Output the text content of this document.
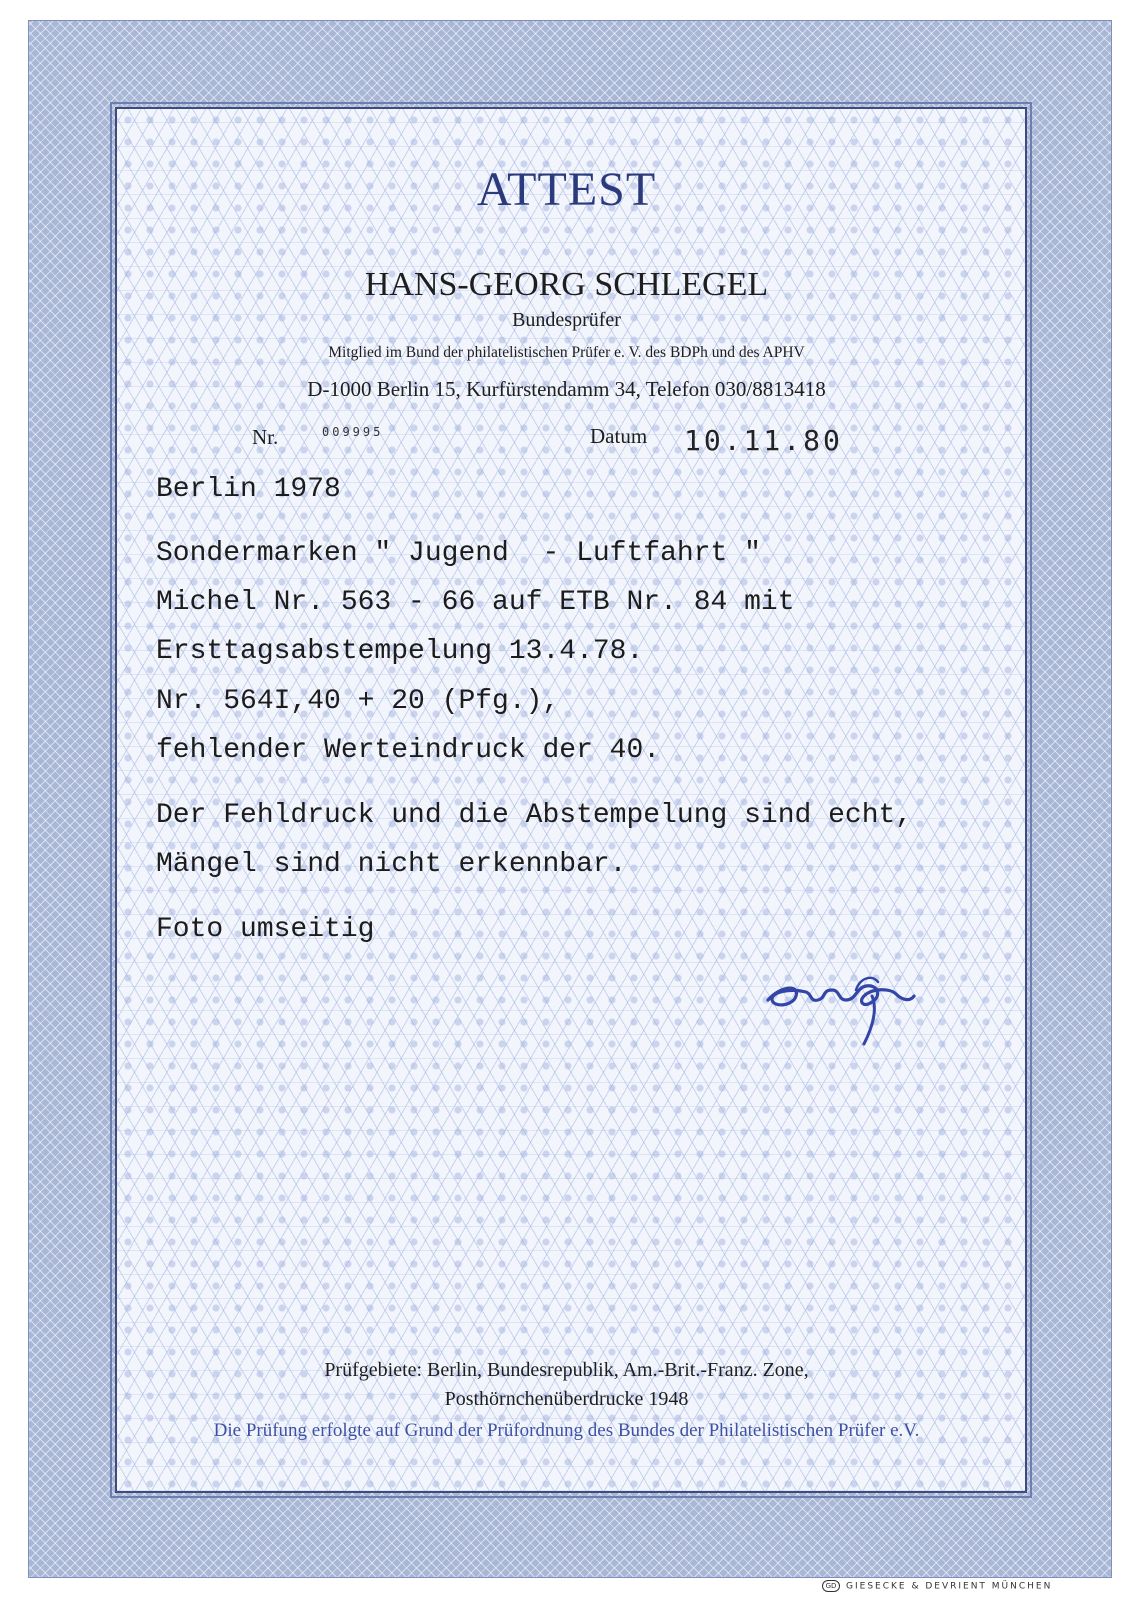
ATTEST
HANS-GEORG SCHLEGEL
Bundesprüfer
Mitglied im Bund der philatelistischen Prüfer e. V. des BDPh und des APHV
D-1000 Berlin 15, Kurfürstendamm 34, Telefon 030/8813418
Nr.	009995	Datum 10.11.80
Berlin 1978
Sondermarken " Jugend  - Luftfahrt "
Michel Nr. 563 - 66 auf ETB Nr. 84 mit
Ersttagsabstempelung 13.4.78.
Nr. 564I,40 + 20 (Pfg.),
fehlender Werteindruck der 40.
Der Fehldruck und die Abstempelung sind echt,
Mängel sind nicht erkennbar.
Foto umseitig
Prüfgebiete: Berlin, Bundesrepublik, Am.-Brit.-Franz. Zone,
Posthörnchenüberdrucke 1948
Die Prüfung erfolgte auf Grund der Prüfordnung des Bundes der Philatelistischen Prüfer e.V.
GD GIESECKE & DEVRIENT MÜNCHEN
